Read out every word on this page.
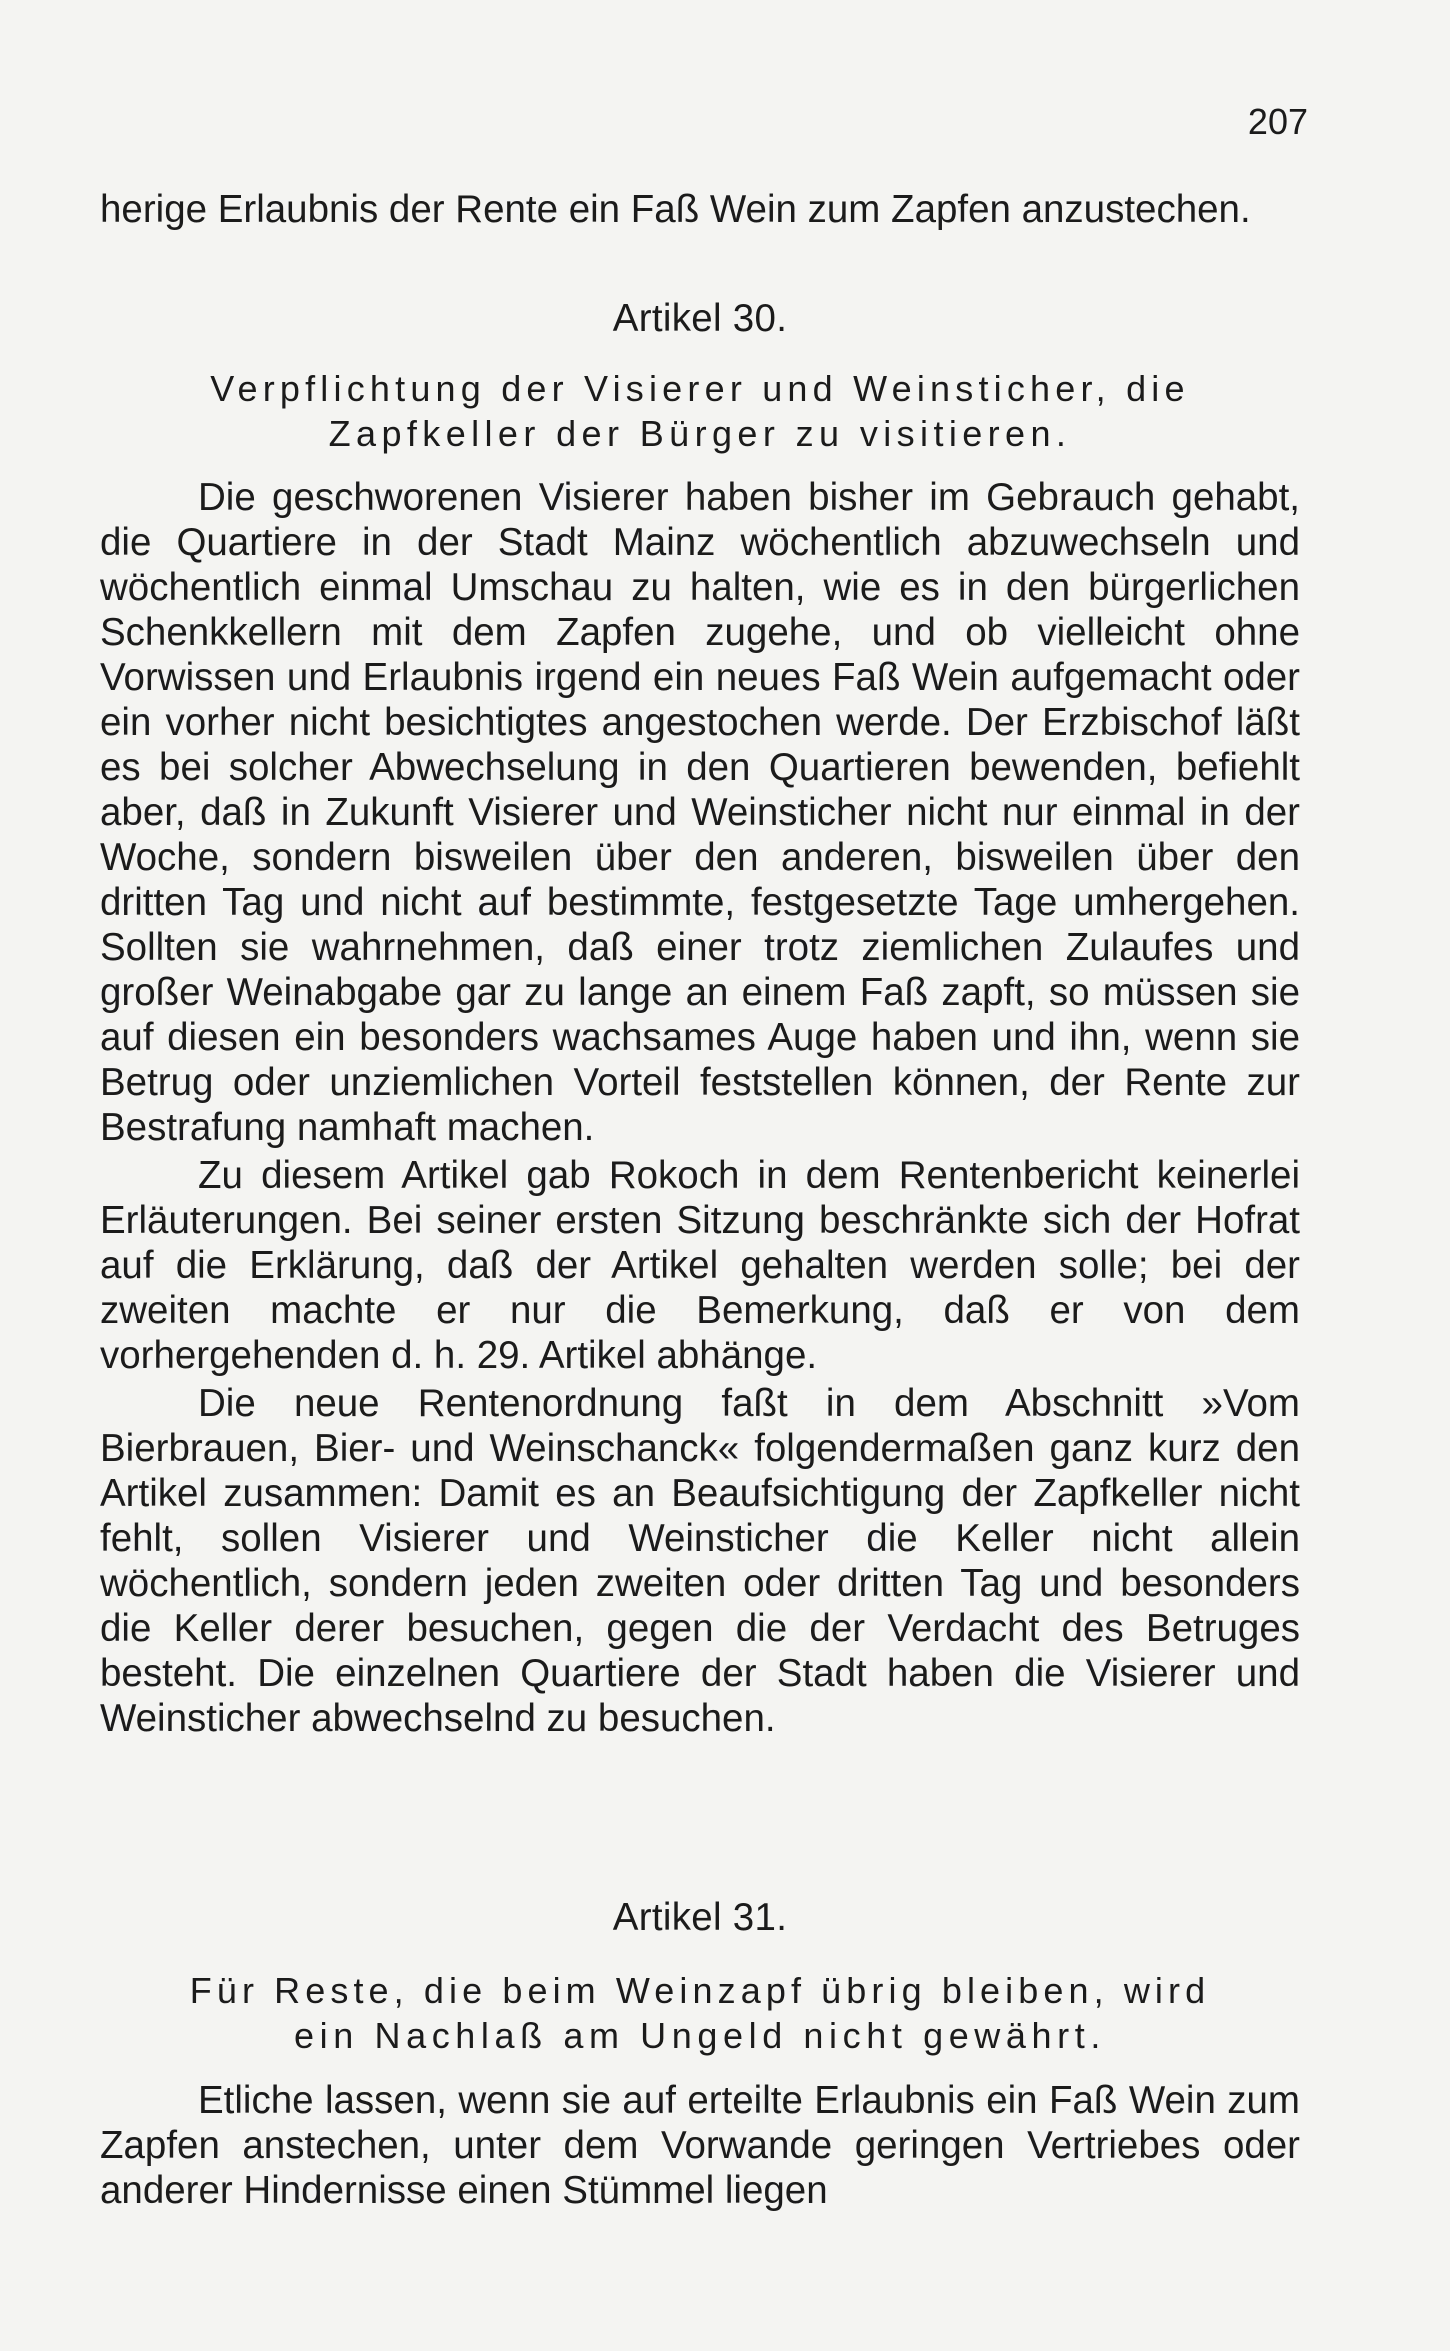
207

herige Erlaubnis der Rente ein Faß Wein zum Zapfen anzustechen.

Artikel 30.
Verpflichtung der Visierer und Weinsticher, die
Zapfkeller der Bürger zu visitieren.

Die geschworenen Visierer haben bisher im Gebrauch gehabt, die Quartiere in der Stadt Mainz wöchentlich abzuwechseln und wöchentlich einmal Umschau zu halten, wie es in den bürgerlichen Schenkkellern mit dem Zapfen zugehe, und ob vielleicht ohne Vorwissen und Erlaubnis irgend ein neues Faß Wein aufgemacht oder ein vorher nicht besichtigtes angestochen werde. Der Erzbischof läßt es bei solcher Abwechselung in den Quartieren bewenden, befiehlt aber, daß in Zukunft Visierer und Weinsticher nicht nur einmal in der Woche, sondern bisweilen über den anderen, bisweilen über den dritten Tag und nicht auf bestimmte, festgesetzte Tage umhergehen. Sollten sie wahrnehmen, daß einer trotz ziemlichen Zulaufes und großer Weinabgabe gar zu lange an einem Faß zapft, so müssen sie auf diesen ein besonders wachsames Auge haben und ihn, wenn sie Betrug oder unziemlichen Vorteil feststellen können, der Rente zur Bestrafung namhaft machen.

Zu diesem Artikel gab Rokoch in dem Rentenbericht keinerlei Erläuterungen. Bei seiner ersten Sitzung beschränkte sich der Hofrat auf die Erklärung, daß der Artikel gehalten werden solle; bei der zweiten machte er nur die Bemerkung, daß er von dem vorhergehenden d. h. 29. Artikel abhänge.

Die neue Rentenordnung faßt in dem Abschnitt »Vom Bierbrauen, Bier- und Weinschanck« folgendermaßen ganz kurz den Artikel zusammen: Damit es an Beaufsichtigung der Zapfkeller nicht fehlt, sollen Visierer und Weinsticher die Keller nicht allein wöchentlich, sondern jeden zweiten oder dritten Tag und besonders die Keller derer besuchen, gegen die der Verdacht des Betruges besteht. Die einzelnen Quartiere der Stadt haben die Visierer und Weinsticher abwechselnd zu besuchen.

Artikel 31.
Für Reste, die beim Weinzapf übrig bleiben, wird
ein Nachlaß am Ungeld nicht gewährt.

Etliche lassen, wenn sie auf erteilte Erlaubnis ein Faß Wein zum Zapfen anstechen, unter dem Vorwande geringen Vertriebes oder anderer Hindernisse einen Stümmel liegen
